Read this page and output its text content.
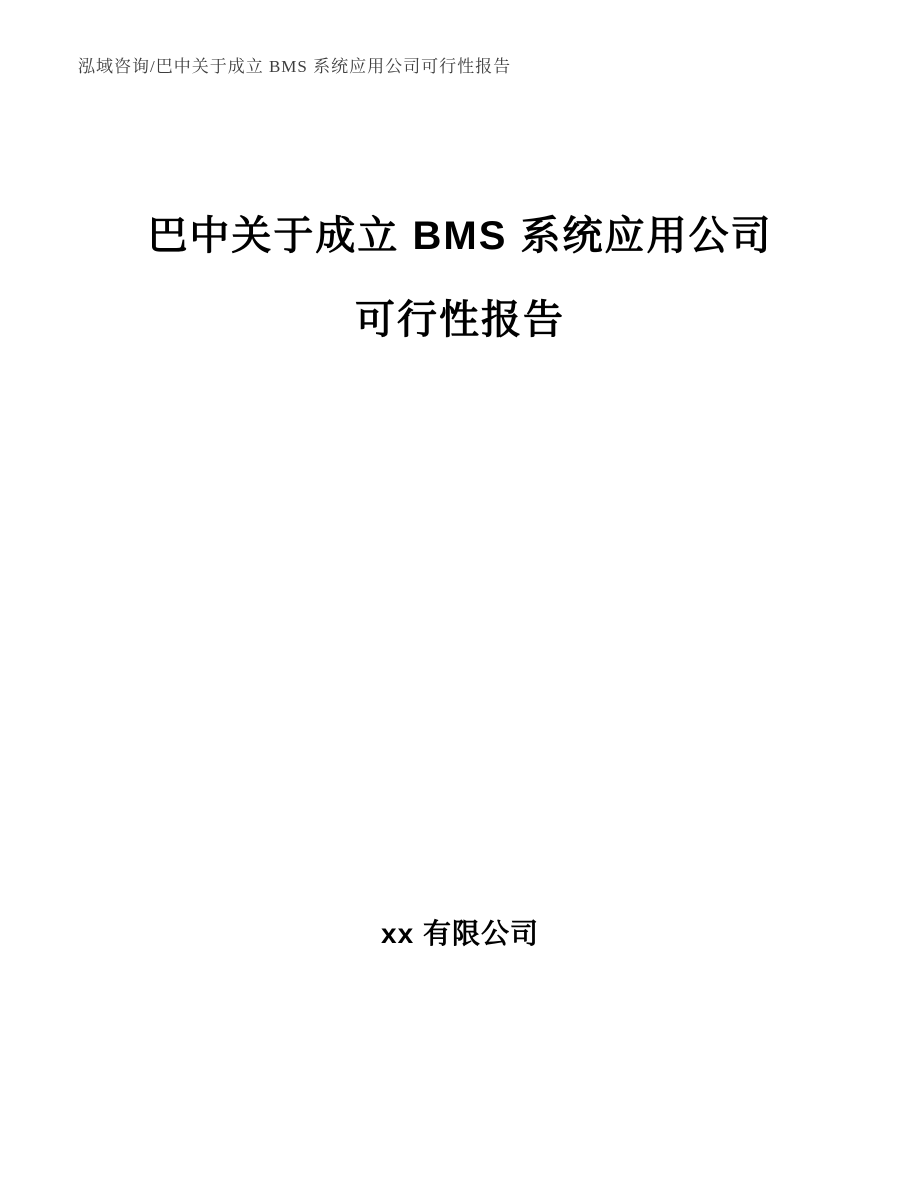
泓域咨询/巴中关于成立 BMS 系统应用公司可行性报告
巴中关于成立 BMS 系统应用公司
可行性报告
xx 有限公司
